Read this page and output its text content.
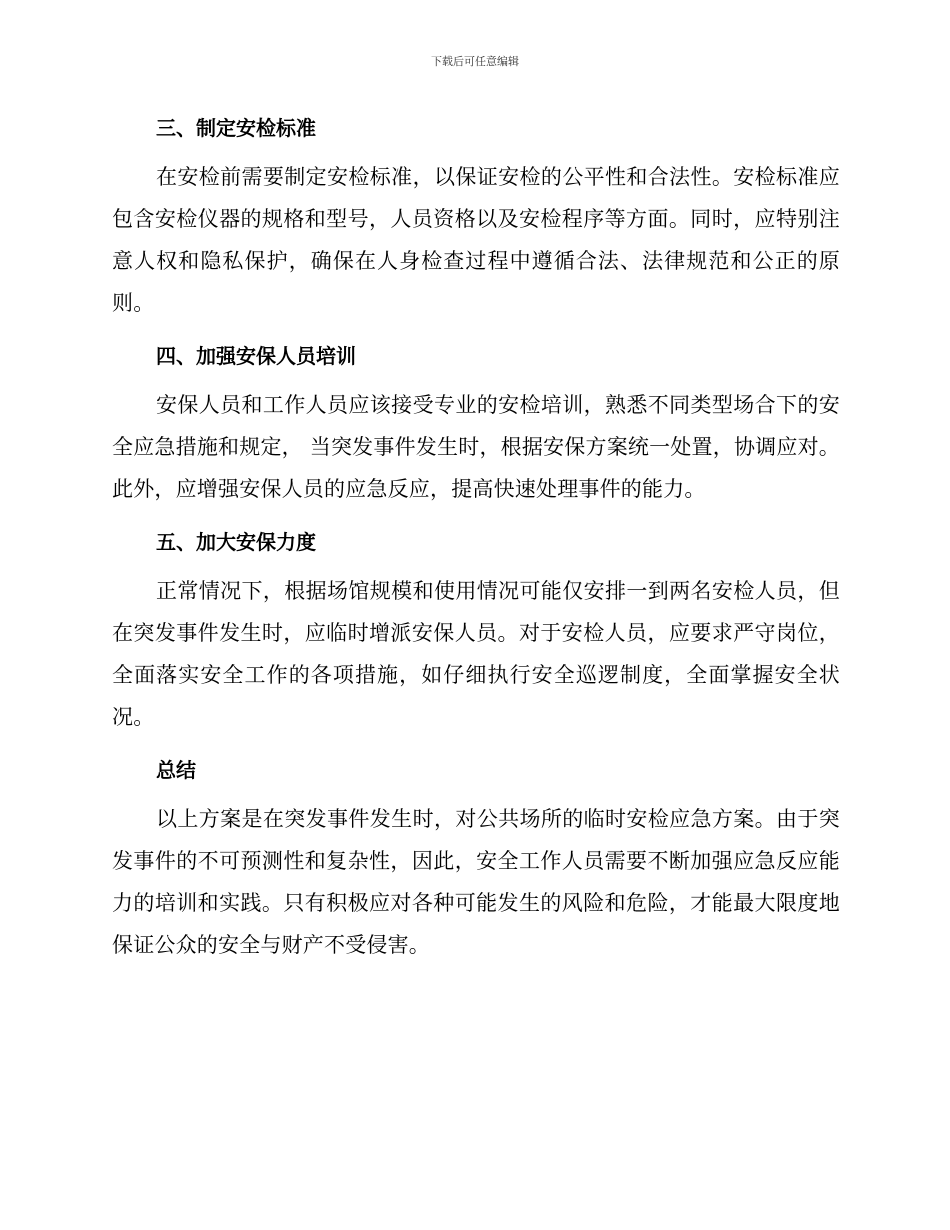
下载后可任意编辑
三、制定安检标准

在安检前需要制定安检标准，以保证安检的公平性和合法性。安检标准应包含安检仪器的规格和型号，人员资格以及安检程序等方面。同时，应特别注意人权和隐私保护，确保在人身检查过程中遵循合法、法律规范和公正的原则。

四、加强安保人员培训

安保人员和工作人员应该接受专业的安检培训，熟悉不同类型场合下的安全应急措施和规定， 当突发事件发生时，根据安保方案统一处置，协调应对。此外，应增强安保人员的应急反应，提高快速处理事件的能力。

五、加大安保力度

正常情况下，根据场馆规模和使用情况可能仅安排一到两名安检人员，但在突发事件发生时，应临时增派安保人员。对于安检人员，应要求严守岗位，全面落实安全工作的各项措施，如仔细执行安全巡逻制度，全面掌握安全状况。

总结

以上方案是在突发事件发生时，对公共场所的临时安检应急方案。由于突发事件的不可预测性和复杂性，因此，安全工作人员需要不断加强应急反应能力的培训和实践。只有积极应对各种可能发生的风险和危险，才能最大限度地保证公众的安全与财产不受侵害。
